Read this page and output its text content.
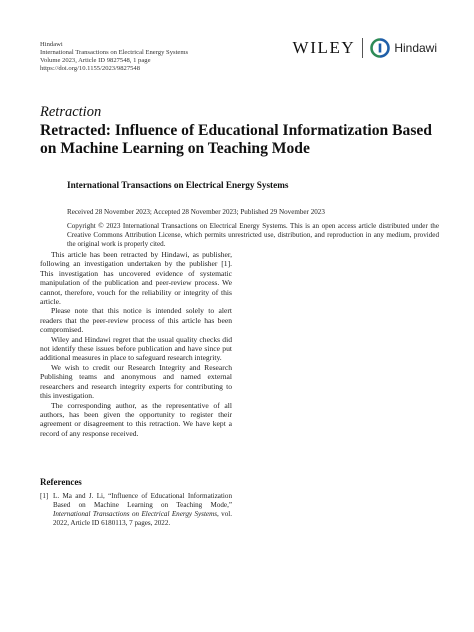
Hindawi
International Transactions on Electrical Energy Systems
Volume 2023, Article ID 9827548, 1 page
https://doi.org/10.1155/2023/9827548
WILEY	Hindawi
Retraction
Retracted: Influence of Educational Informatization Based on Machine Learning on Teaching Mode
International Transactions on Electrical Energy Systems
Received 28 November 2023; Accepted 28 November 2023; Published 29 November 2023
Copyright © 2023 International Transactions on Electrical Energy Systems. This is an open access article distributed under the Creative Commons Attribution License, which permits unrestricted use, distribution, and reproduction in any medium, provided the original work is properly cited.

This article has been retracted by Hindawi, as publisher, following an investigation undertaken by the publisher [1]. This investigation has uncovered evidence of systematic manipulation of the publication and peer-review process. We cannot, therefore, vouch for the reliability or integrity of this article.

Please note that this notice is intended solely to alert readers that the peer-review process of this article has been compromised.

Wiley and Hindawi regret that the usual quality checks did not identify these issues before publication and have since put additional measures in place to safeguard research integrity.

We wish to credit our Research Integrity and Research Publishing teams and anonymous and named external researchers and research integrity experts for contributing to this investigation.

The corresponding author, as the representative of all authors, has been given the opportunity to register their agreement or disagreement to this retraction. We have kept a record of any response received.

References
[1] L. Ma and J. Li, “Influence of Educational Informatization Based on Machine Learning on Teaching Mode,” International Transactions on Electrical Energy Systems, vol. 2022, Article ID 6180113, 7 pages, 2022.
